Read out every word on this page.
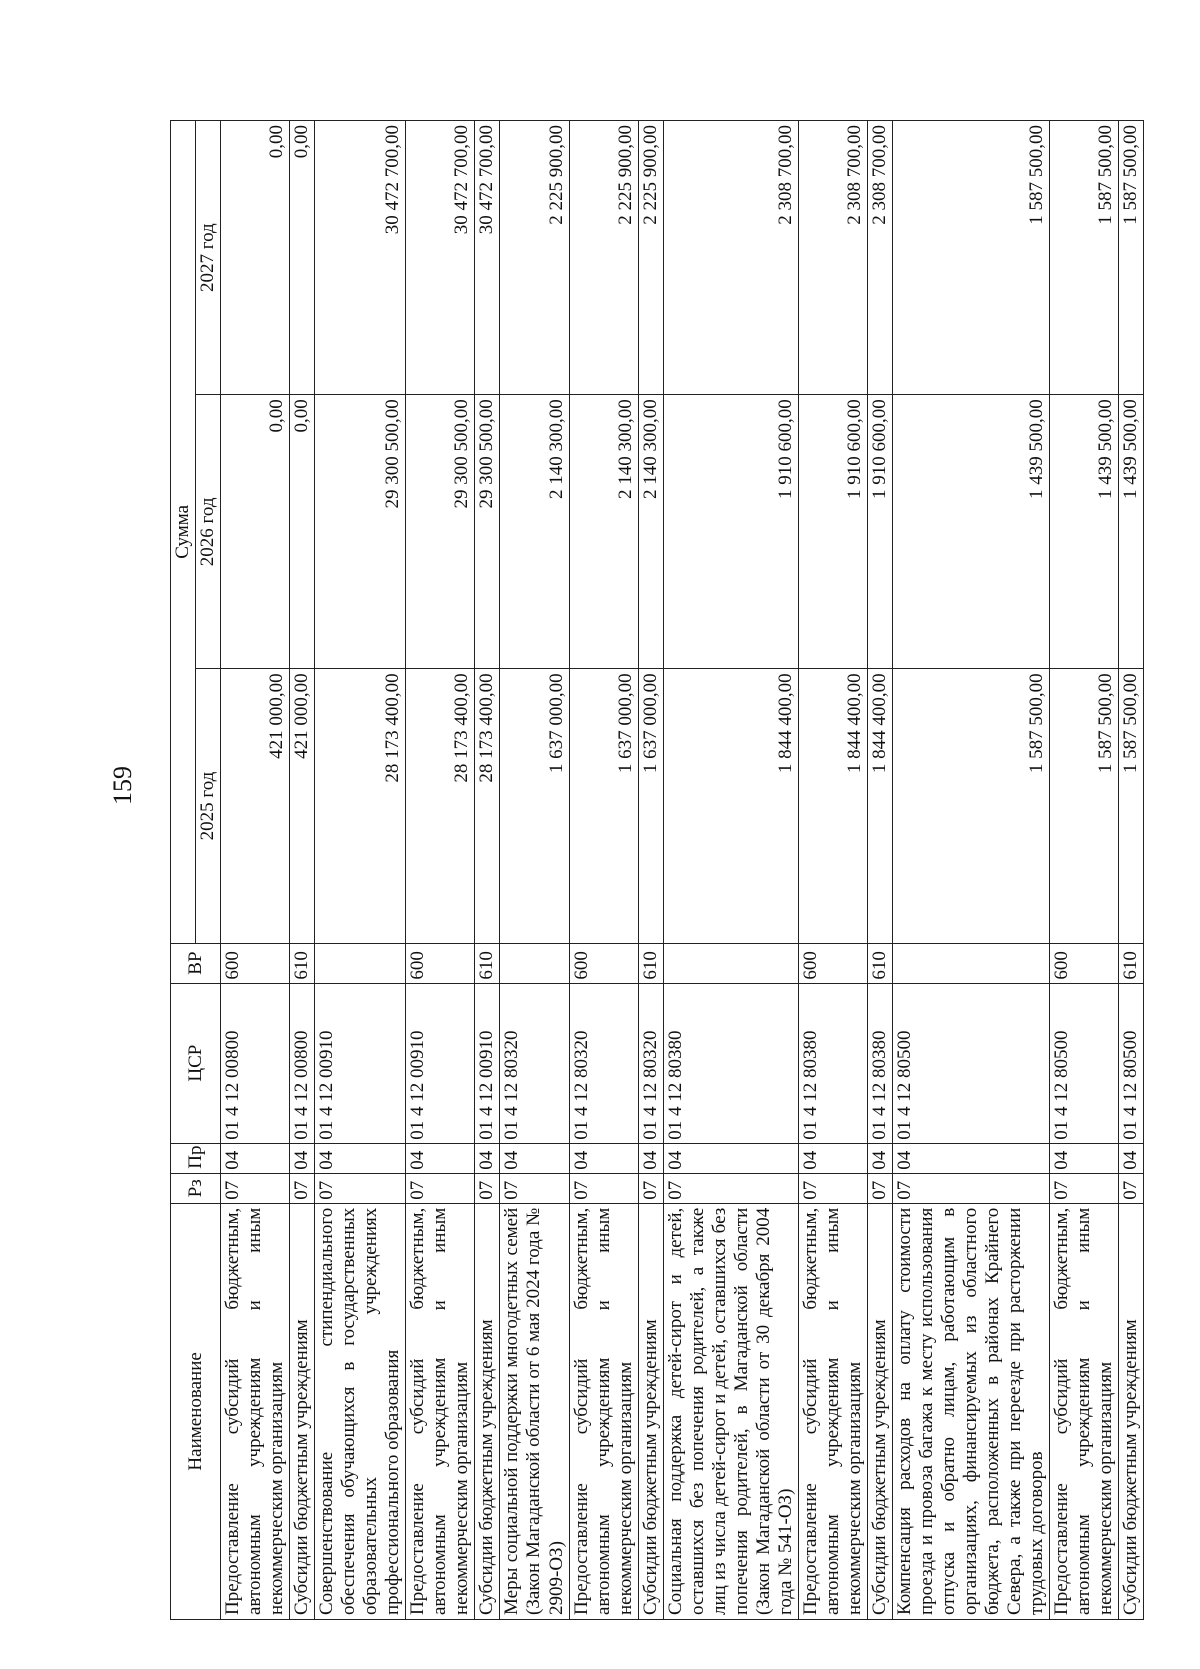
159
Наименование	Рз	Пр	ЦСР	ВР	Сумма		
					2025 год	2026 год	2027 год
Предоставление субсидий бюджетным, автономным учреждениям и иным некоммерческим организациям	07	04	01 4 12 00800	600	421 000,00	0,00	0,00
Субсидии бюджетным учреждениям	07	04	01 4 12 00800	610	421 000,00	0,00	0,00
Совершенствование стипендиального обеспечения обучающихся в государственных образовательных учреждениях профессионального образования	07	04	01 4 12 00910		28 173 400,00	29 300 500,00	30 472 700,00
Предоставление субсидий бюджетным, автономным учреждениям и иным некоммерческим организациям	07	04	01 4 12 00910	600	28 173 400,00	29 300 500,00	30 472 700,00
Субсидии бюджетным учреждениям	07	04	01 4 12 00910	610	28 173 400,00	29 300 500,00	30 472 700,00
Меры социальной поддержки многодетных семей (Закон Магаданской области от 6 мая 2024 года № 2909-ОЗ)	07	04	01 4 12 80320		1 637 000,00	2 140 300,00	2 225 900,00
Предоставление субсидий бюджетным, автономным учреждениям и иным некоммерческим организациям	07	04	01 4 12 80320	600	1 637 000,00	2 140 300,00	2 225 900,00
Субсидии бюджетным учреждениям	07	04	01 4 12 80320	610	1 637 000,00	2 140 300,00	2 225 900,00
Социальная поддержка детей-сирот и детей, оставшихся без попечения родителей, а также лиц из числа детей-сирот и детей, оставшихся без попечения родителей, в Магаданской области (Закон Магаданской области от 30 декабря 2004 года № 541-ОЗ)	07	04	01 4 12 80380		1 844 400,00	1 910 600,00	2 308 700,00
Предоставление субсидий бюджетным, автономным учреждениям и иным некоммерческим организациям	07	04	01 4 12 80380	600	1 844 400,00	1 910 600,00	2 308 700,00
Субсидии бюджетным учреждениям	07	04	01 4 12 80380	610	1 844 400,00	1 910 600,00	2 308 700,00
Компенсация расходов на оплату стоимости проезда и провоза багажа к месту использования отпуска и обратно лицам, работающим в организациях, финансируемых из областного бюджета, расположенных в районах Крайнего Севера, а также при переезде при расторжении трудовых договоров	07	04	01 4 12 80500		1 587 500,00	1 439 500,00	1 587 500,00
Предоставление субсидий бюджетным, автономным учреждениям и иным некоммерческим организациям	07	04	01 4 12 80500	600	1 587 500,00	1 439 500,00	1 587 500,00
Субсидии бюджетным учреждениям	07	04	01 4 12 80500	610	1 587 500,00	1 439 500,00	1 587 500,00
